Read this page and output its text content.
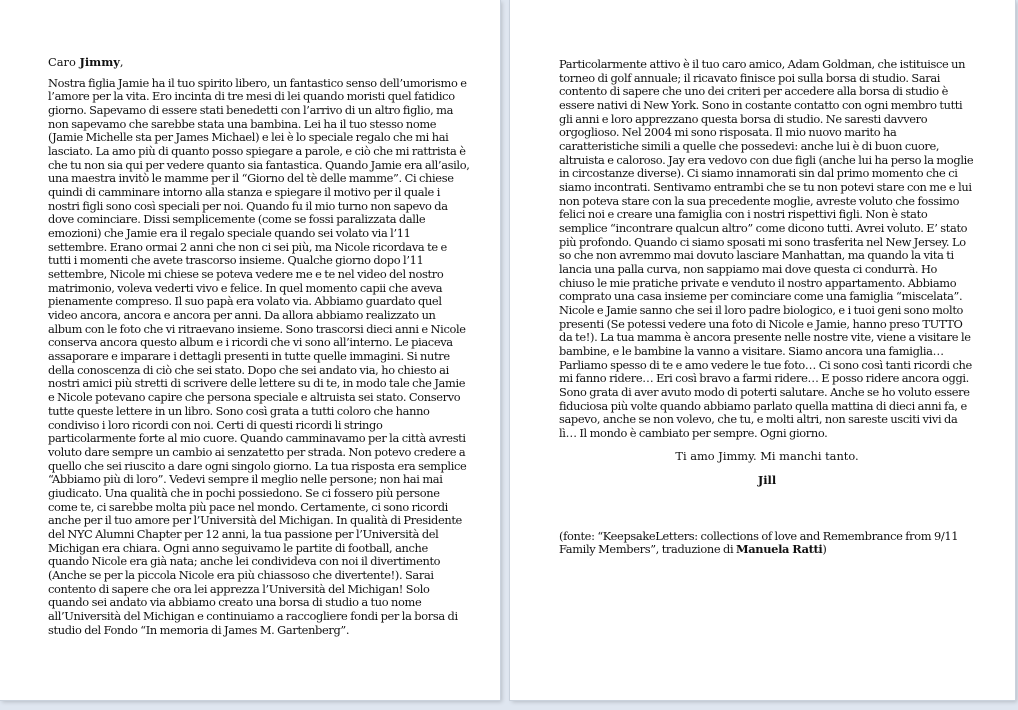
Caro Jimmy,

Nostra figlia Jamie ha il tuo spirito libero, un fantastico senso dell’umorismo e l’amore per la vita. Ero incinta di tre mesi di lei quando moristi quel fatidico giorno. Sapevamo di essere stati benedetti con l’arrivo di un altro figlio, ma non sapevamo che sarebbe stata una bambina. Lei ha il tuo stesso nome (Jamie Michelle sta per James Michael) e lei è lo speciale regalo che mi hai lasciato. La amo più di quanto posso spiegare a parole, e ciò che mi rattrista è che tu non sia qui per vedere quanto sia fantastica. Quando Jamie era all’asilo, una maestra invitò le mamme per il “Giorno del tè delle mamme”. Ci chiese quindi di camminare intorno alla stanza e spiegare il motivo per il quale i nostri figli sono così speciali per noi. Quando fu il mio turno non sapevo da dove cominciare. Dissi semplicemente (come se fossi paralizzata dalle emozioni) che Jamie era il regalo speciale quando sei volato via l’11 settembre. Erano ormai 2 anni che non ci sei più, ma Nicole ricordava te e tutti i momenti che avete trascorso insieme. Qualche giorno dopo l’11 settembre, Nicole mi chiese se poteva vedere me e te nel video del nostro matrimonio, voleva vederti vivo e felice. In quel momento capii che aveva pienamente compreso. Il suo papà era volato via. Abbiamo guardato quel video ancora, ancora e ancora per anni. Da allora abbiamo realizzato un album con le foto che vi ritraevano insieme. Sono trascorsi dieci anni e Nicole conserva ancora questo album e i ricordi che vi sono all’interno. Le piaceva assaporare e imparare i dettagli presenti in tutte quelle immagini. Si nutre della conoscenza di ciò che sei stato. Dopo che sei andato via, ho chiesto ai nostri amici più stretti di scrivere delle lettere su di te, in modo tale che Jamie e Nicole potevano capire che persona speciale e altruista sei stato. Conservo tutte queste lettere in un libro. Sono così grata a tutti coloro che hanno condiviso i loro ricordi con noi. Certi di questi ricordi li stringo particolarmente forte al mio cuore. Quando camminavamo per la città avresti voluto dare sempre un cambio ai senzatetto per strada. Non potevo credere a quello che sei riuscito a dare ogni singolo giorno. La tua risposta era semplice “Abbiamo più di loro”. Vedevi sempre il meglio nelle persone; non hai mai giudicato. Una qualità che in pochi possiedono. Se ci fossero più persone come te, ci sarebbe molta più pace nel mondo. Certamente, ci sono ricordi anche per il tuo amore per l’Università del Michigan. In qualità di Presidente del NYC Alumni Chapter per 12 anni, la tua passione per l’Università del Michigan era chiara. Ogni anno seguivamo le partite di football, anche quando Nicole era già nata; anche lei condivideva con noi il divertimento (Anche se per la piccola Nicole era più chiassoso che divertente!). Sarai contento di sapere che ora lei apprezza l’Università del Michigan! Solo quando sei andato via abbiamo creato una borsa di studio a tuo nome all’Università del Michigan e continuiamo a raccogliere fondi per la borsa di studio del Fondo “In memoria di James M. Gartenberg”.

Particolarmente attivo è il tuo caro amico, Adam Goldman, che istituisce un torneo di golf annuale; il ricavato finisce poi sulla borsa di studio. Sarai contento di sapere che uno dei criteri per accedere alla borsa di studio è essere nativi di New York. Sono in costante contatto con ogni membro tutti gli anni e loro apprezzano questa borsa di studio. Ne saresti davvero orgoglioso. Nel 2004 mi sono risposata. Il mio nuovo marito ha caratteristiche simili a quelle che possedevi: anche lui è di buon cuore, altruista e caloroso. Jay era vedovo con due figli (anche lui ha perso la moglie in circostanze diverse). Ci siamo innamorati sin dal primo momento che ci siamo incontrati. Sentivamo entrambi che se tu non potevi stare con me e lui non poteva stare con la sua precedente moglie, avreste voluto che fossimo felici noi e creare una famiglia con i nostri rispettivi figli. Non è stato semplice “incontrare qualcun altro” come dicono tutti. Avrei voluto. E’ stato più profondo. Quando ci siamo sposati mi sono trasferita nel New Jersey. Lo so che non avremmo mai dovuto lasciare Manhattan, ma quando la vita ti lancia una palla curva, non sappiamo mai dove questa ci condurrà. Ho chiuso le mie pratiche private e venduto il nostro appartamento. Abbiamo comprato una casa insieme per cominciare come una famiglia “miscelata”. Nicole e Jamie sanno che sei il loro padre biologico, e i tuoi geni sono molto presenti (Se potessi vedere una foto di Nicole e Jamie, hanno preso TUTTO da te!). La tua mamma è ancora presente nelle nostre vite, viene a visitare le bambine, e le bambine la vanno a visitare. Siamo ancora una famiglia… Parliamo spesso di te e amo vedere le tue foto… Ci sono così tanti ricordi che mi fanno ridere… Eri così bravo a farmi ridere… E posso ridere ancora oggi. Sono grata di aver avuto modo di poterti salutare. Anche se ho voluto essere fiduciosa più volte quando abbiamo parlato quella mattina di dieci anni fa, e sapevo, anche se non volevo, che tu, e molti altri, non sareste usciti vivi da lì… Il mondo è cambiato per sempre. Ogni giorno.

Ti amo Jimmy. Mi manchi tanto.

Jill

(fonte: “KeepsakeLetters: collections of love and Remembrance from 9/11 Family Members”, traduzione di Manuela Ratti)
